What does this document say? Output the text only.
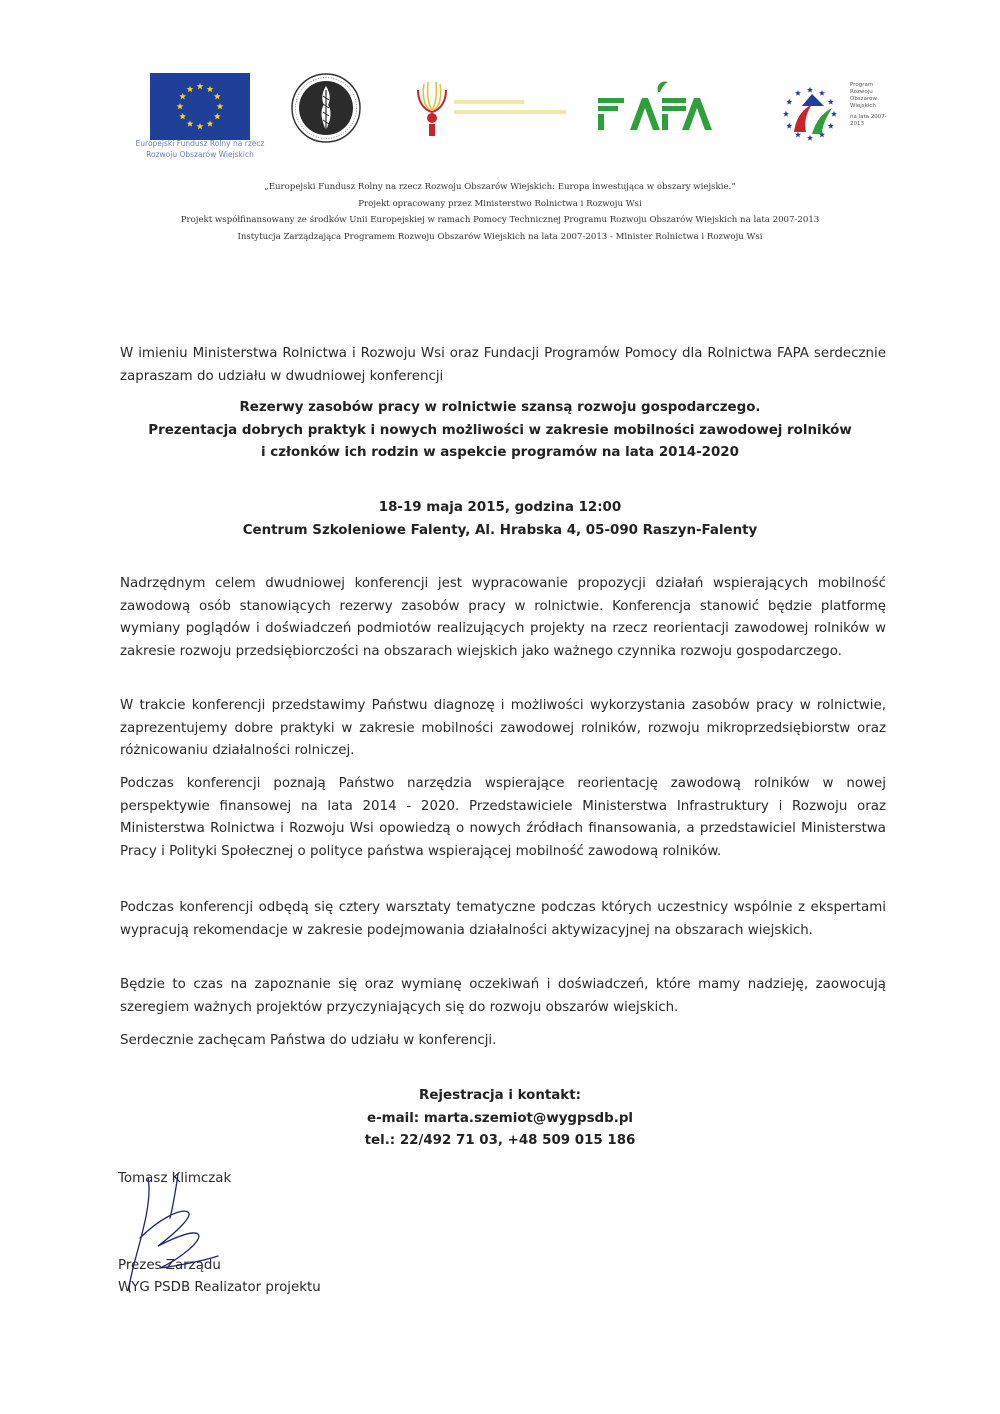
Europejski Fundusz Rolny na rzecz
Rozwoju Obszarów Wiejskich
Program
Rozwoju
Obszarów
Wiejskich
na lata 2007-2013
„Europejski Fundusz Rolny na rzecz Rozwoju Obszarów Wiejskich: Europa inwestująca w obszary wiejskie.”
Projekt opracowany przez Ministerstwo Rolnictwa i Rozwoju Wsi
Projekt współfinansowany ze środków Unii Europejskiej w ramach Pomocy Technicznej Programu Rozwoju Obszarów Wiejskich na lata 2007-2013
Instytucja Zarządzająca Programem Rozwoju Obszarów Wiejskich na lata 2007-2013 - Minister Rolnictwa i Rozwoju Wsi
W imieniu Ministerstwa Rolnictwa i Rozwoju Wsi oraz Fundacji Programów Pomocy dla Rolnictwa FAPA serdecznie zapraszam do udziału w dwudniowej konferencji
Rezerwy zasobów pracy w rolnictwie szansą rozwoju gospodarczego.
Prezentacja dobrych praktyk i nowych możliwości w zakresie mobilności zawodowej rolników
i członków ich rodzin w aspekcie programów na lata 2014-2020
18-19 maja 2015, godzina 12:00
Centrum Szkoleniowe Falenty, Al. Hrabska 4, 05-090 Raszyn-Falenty
Nadrzędnym celem dwudniowej konferencji jest wypracowanie propozycji działań wspierających mobilność zawodową osób stanowiących rezerwy zasobów pracy w rolnictwie. Konferencja stanowić będzie platformę wymiany poglądów i doświadczeń podmiotów realizujących projekty na rzecz reorientacji zawodowej rolników w zakresie rozwoju przedsiębiorczości na obszarach wiejskich jako ważnego czynnika rozwoju gospodarczego.
W trakcie konferencji przedstawimy Państwu diagnozę i możliwości wykorzystania zasobów pracy w rolnictwie, zaprezentujemy dobre praktyki w zakresie mobilności zawodowej rolników, rozwoju mikroprzedsiębiorstw oraz różnicowaniu działalności rolniczej.
Podczas konferencji poznają Państwo narzędzia wspierające reorientację zawodową rolników w nowej perspektywie finansowej na lata 2014 - 2020. Przedstawiciele Ministerstwa Infrastruktury i Rozwoju oraz Ministerstwa Rolnictwa i Rozwoju Wsi opowiedzą o nowych źródłach finansowania, a przedstawiciel Ministerstwa Pracy i Polityki Społecznej o polityce państwa wspierającej mobilność zawodową rolników.
Podczas konferencji odbędą się cztery warsztaty tematyczne podczas których uczestnicy wspólnie z ekspertami wypracują rekomendacje w zakresie podejmowania działalności aktywizacyjnej na obszarach wiejskich.
Będzie to czas na zapoznanie się oraz wymianę oczekiwań i doświadczeń, które mamy nadzieję, zaowocują szeregiem ważnych projektów przyczyniających się do rozwoju obszarów wiejskich.
Serdecznie zachęcam Państwa do udziału w konferencji.
Rejestracja i kontakt:
e-mail: marta.szemiot@wygpsdb.pl
tel.: 22/492 71 03, +48 509 015 186
Tomasz Klimczak
Prezes Zarządu
WYG PSDB Realizator projektu
